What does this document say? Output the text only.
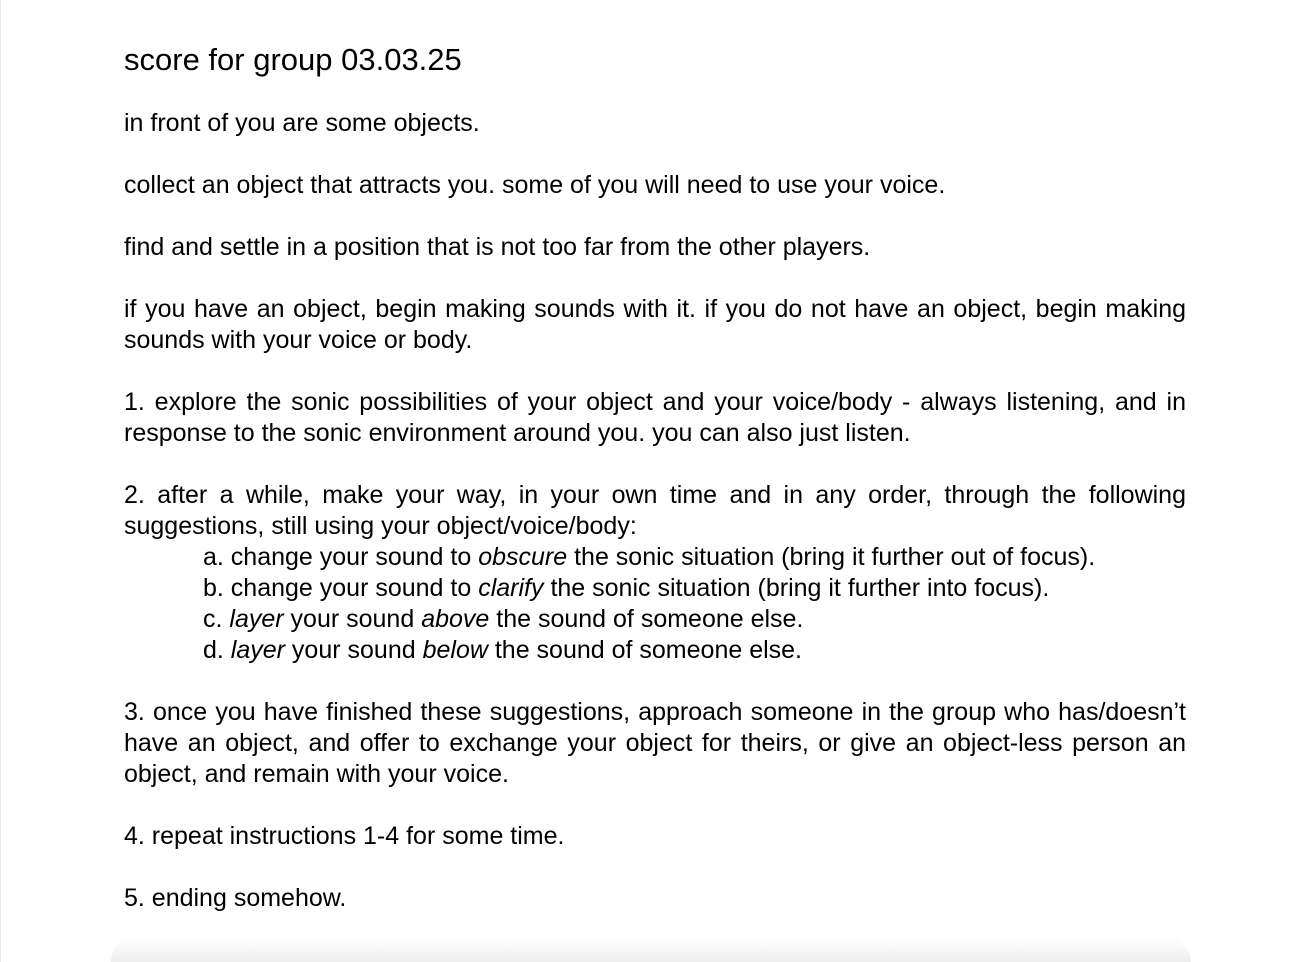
score for group 03.03.25

in front of you are some objects.

collect an object that attracts you. some of you will need to use your voice.

find and settle in a position that is not too far from the other players.

if you have an object, begin making sounds with it. if you do not have an object, begin making sounds with your voice or body.

1. explore the sonic possibilities of your object and your voice/body - always listening, and in response to the sonic environment around you. you can also just listen.

2. after a while, make your way, in your own time and in any order, through the following suggestions, still using your object/voice/body:

a. change your sound to obscure the sonic situation (bring it further out of focus).
b. change your sound to clarify the sonic situation (bring it further into focus).
c. layer your sound above the sound of someone else.
d. layer your sound below the sound of someone else.

3. once you have finished these suggestions, approach someone in the group who has/doesn’t have an object, and offer to exchange your object for theirs, or give an object-less person an object, and remain with your voice.

4. repeat instructions 1-4 for some time.

5. ending somehow.
